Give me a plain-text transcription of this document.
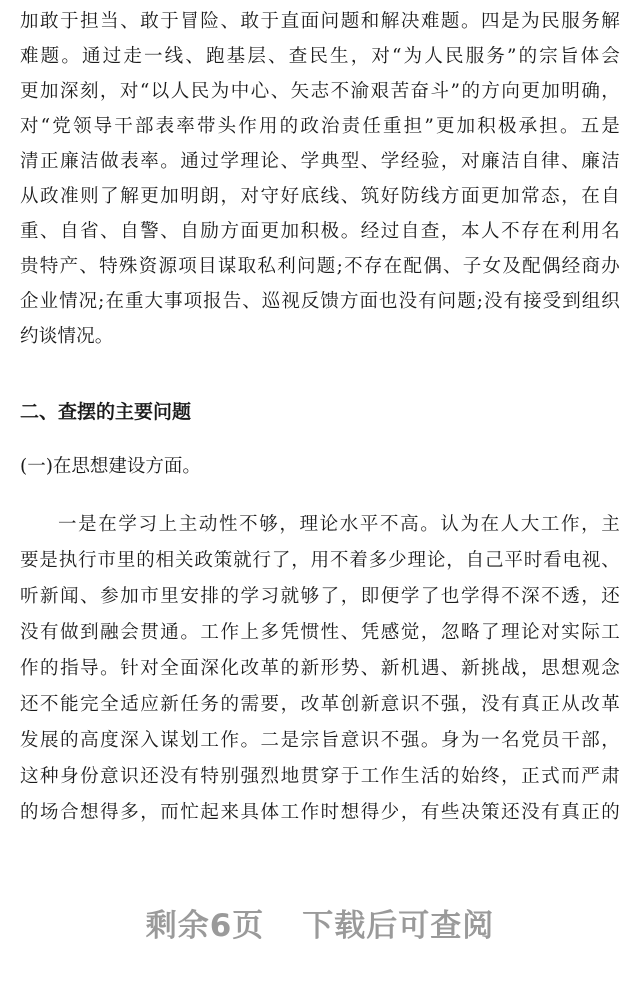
加敢于担当、敢于冒险、敢于直面问题和解决难题。四是为民服务解
难题。通过走一线、跑基层、查民生，对“为人民服务”的宗旨体会
更加深刻，对“以人民为中心、矢志不渝艰苦奋斗”的方向更加明确，
对“党领导干部表率带头作用的政治责任重担”更加积极承担。五是
清正廉洁做表率。通过学理论、学典型、学经验，对廉洁自律、廉洁
从政准则了解更加明朗，对守好底线、筑好防线方面更加常态，在自
重、自省、自警、自励方面更加积极。经过自查，本人不存在利用名
贵特产、特殊资源项目谋取私利问题;不存在配偶、子女及配偶经商办
企业情况;在重大事项报告、巡视反馈方面也没有问题;没有接受到组织
约谈情况。
二、查摆的主要问题
(一)在思想建设方面。
一是在学习上主动性不够，理论水平不高。认为在人大工作，主
要是执行市里的相关政策就行了，用不着多少理论，自己平时看电视、
听新闻、参加市里安排的学习就够了，即便学了也学得不深不透，还
没有做到融会贯通。工作上多凭惯性、凭感觉，忽略了理论对实际工
作的指导。针对全面深化改革的新形势、新机遇、新挑战，思想观念
还不能完全适应新任务的需要，改革创新意识不强，没有真正从改革
发展的高度深入谋划工作。二是宗旨意识不强。身为一名党员干部，
这种身份意识还没有特别强烈地贯穿于工作生活的始终，正式而严肃
的场合想得多，而忙起来具体工作时想得少，有些决策还没有真正的
剩余6页 下载后可查阅
